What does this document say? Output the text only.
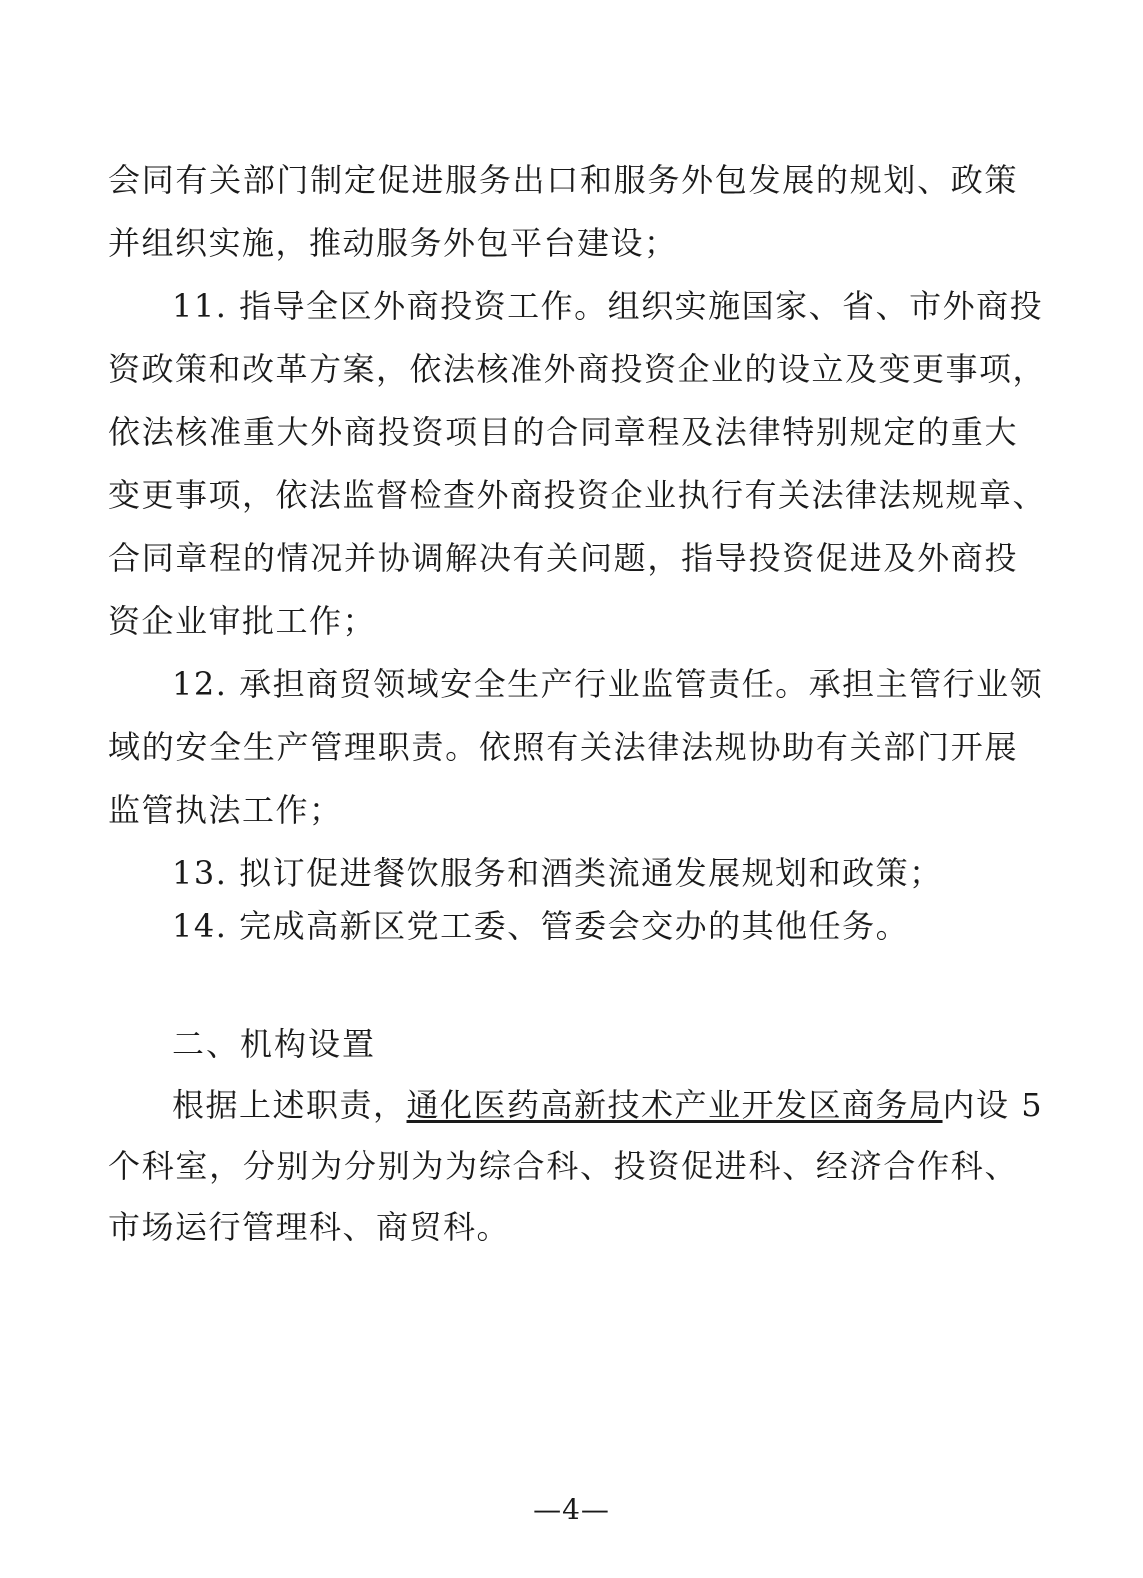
会同有关部门制定促进服务出口和服务外包发展的规划、政策
并组织实施，推动服务外包平台建设；
11. 指导全区外商投资工作。组织实施国家、省、市外商投
资政策和改革方案，依法核准外商投资企业的设立及变更事项，
依法核准重大外商投资项目的合同章程及法律特别规定的重大
变更事项，依法监督检查外商投资企业执行有关法律法规规章、
合同章程的情况并协调解决有关问题，指导投资促进及外商投
资企业审批工作；
12. 承担商贸领域安全生产行业监管责任。承担主管行业领
域的安全生产管理职责。依照有关法律法规协助有关部门开展
监管执法工作；
13. 拟订促进餐饮服务和酒类流通发展规划和政策；
14. 完成高新区党工委、管委会交办的其他任务。
二、机构设置
根据上述职责，通化医药高新技术产业开发区商务局内设 5
个科室，分别为分别为为综合科、投资促进科、经济合作科、
市场运行管理科、商贸科。
—4—
